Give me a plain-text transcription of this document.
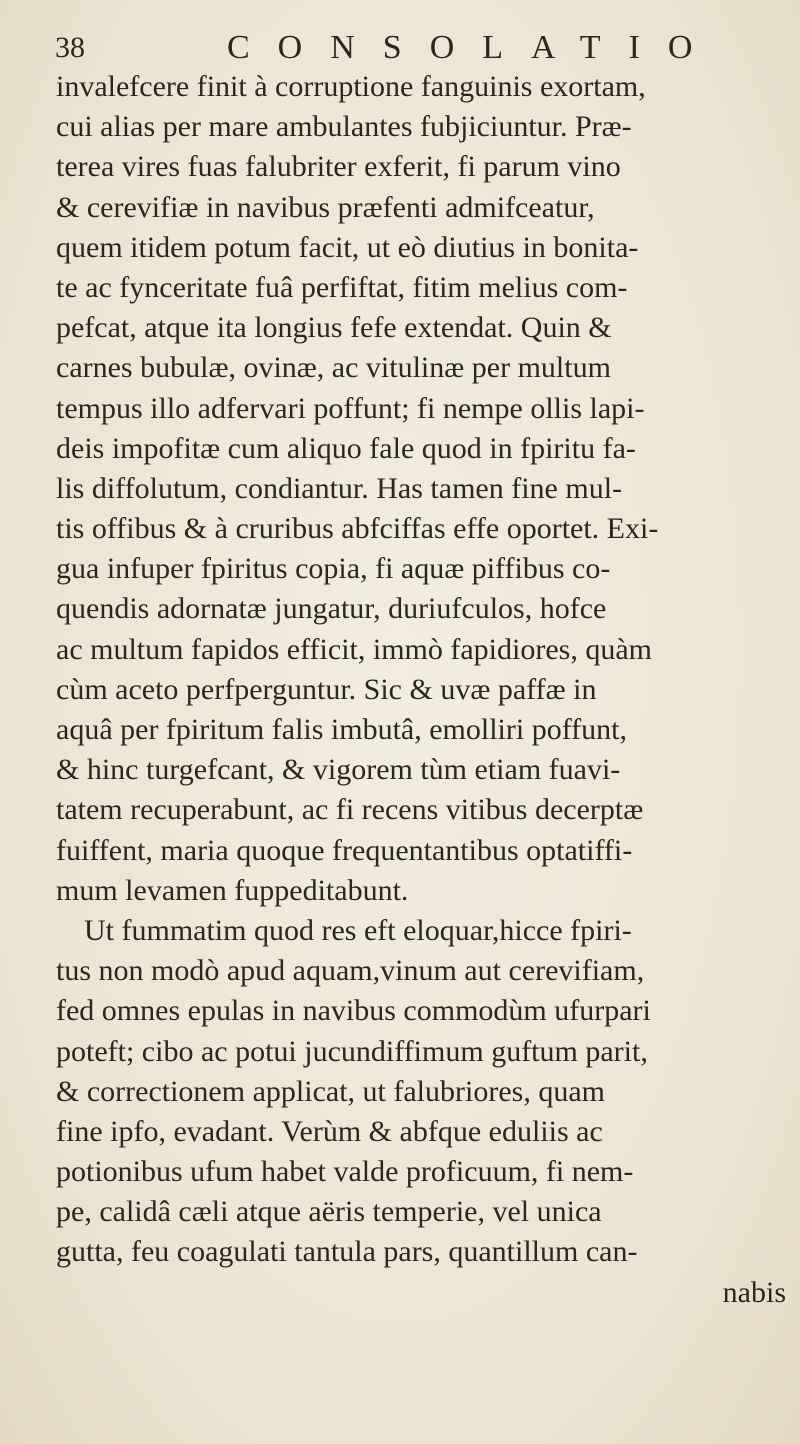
38	CONSOLATIO
invalefcere finit à corruptione fanguinis exortam,
cui alias per mare ambulantes fubjiciuntur. Præ-
terea vires fuas falubriter exferit, fi parum vino
& cerevifiæ in navibus præfenti admifceatur,
quem itidem potum facit, ut eò diutius in bonita-
te ac fynceritate fuâ perfiftat, fitim melius com-
pefcat, atque ita longius fefe extendat. Quin &
carnes bubulæ, ovinæ, ac vitulinæ per multum
tempus illo adfervari poffunt; fi nempe ollis lapi-
deis impofitæ cum aliquo fale quod in fpiritu fa-
lis diffolutum, condiantur. Has tamen fine mul-
tis offibus & à cruribus abfciffas effe oportet. Exi-
gua infuper fpiritus copia, fi aquæ piffibus co-
quendis adornatæ jungatur, duriufculos, hofce
ac multum fapidos efficit, immò fapidiores, quàm
cùm aceto perfperguntur. Sic & uvæ paffæ in
aquâ per fpiritum falis imbutâ, emolliri poffunt,
& hinc turgefcant, & vigorem tùm etiam fuavi-
tatem recuperabunt, ac fi recens vitibus decerptæ
fuiffent, maria quoque frequentantibus optatiffi-
mum levamen fuppeditabunt.
Ut fummatim quod res eft eloquar,hicce fpiri-
tus non modò apud aquam,vinum aut cerevifiam,
fed omnes epulas in navibus commodùm ufurpari
poteft; cibo ac potui jucundiffimum guftum parit,
& correctionem applicat, ut falubriores, quam
fine ipfo, evadant. Verùm & abfque eduliis ac
potionibus ufum habet valde proficuum, fi nem-
pe, calidâ cæli atque aëris temperie, vel unica
gutta, feu coagulati tantula pars, quantillum can-
nabis
